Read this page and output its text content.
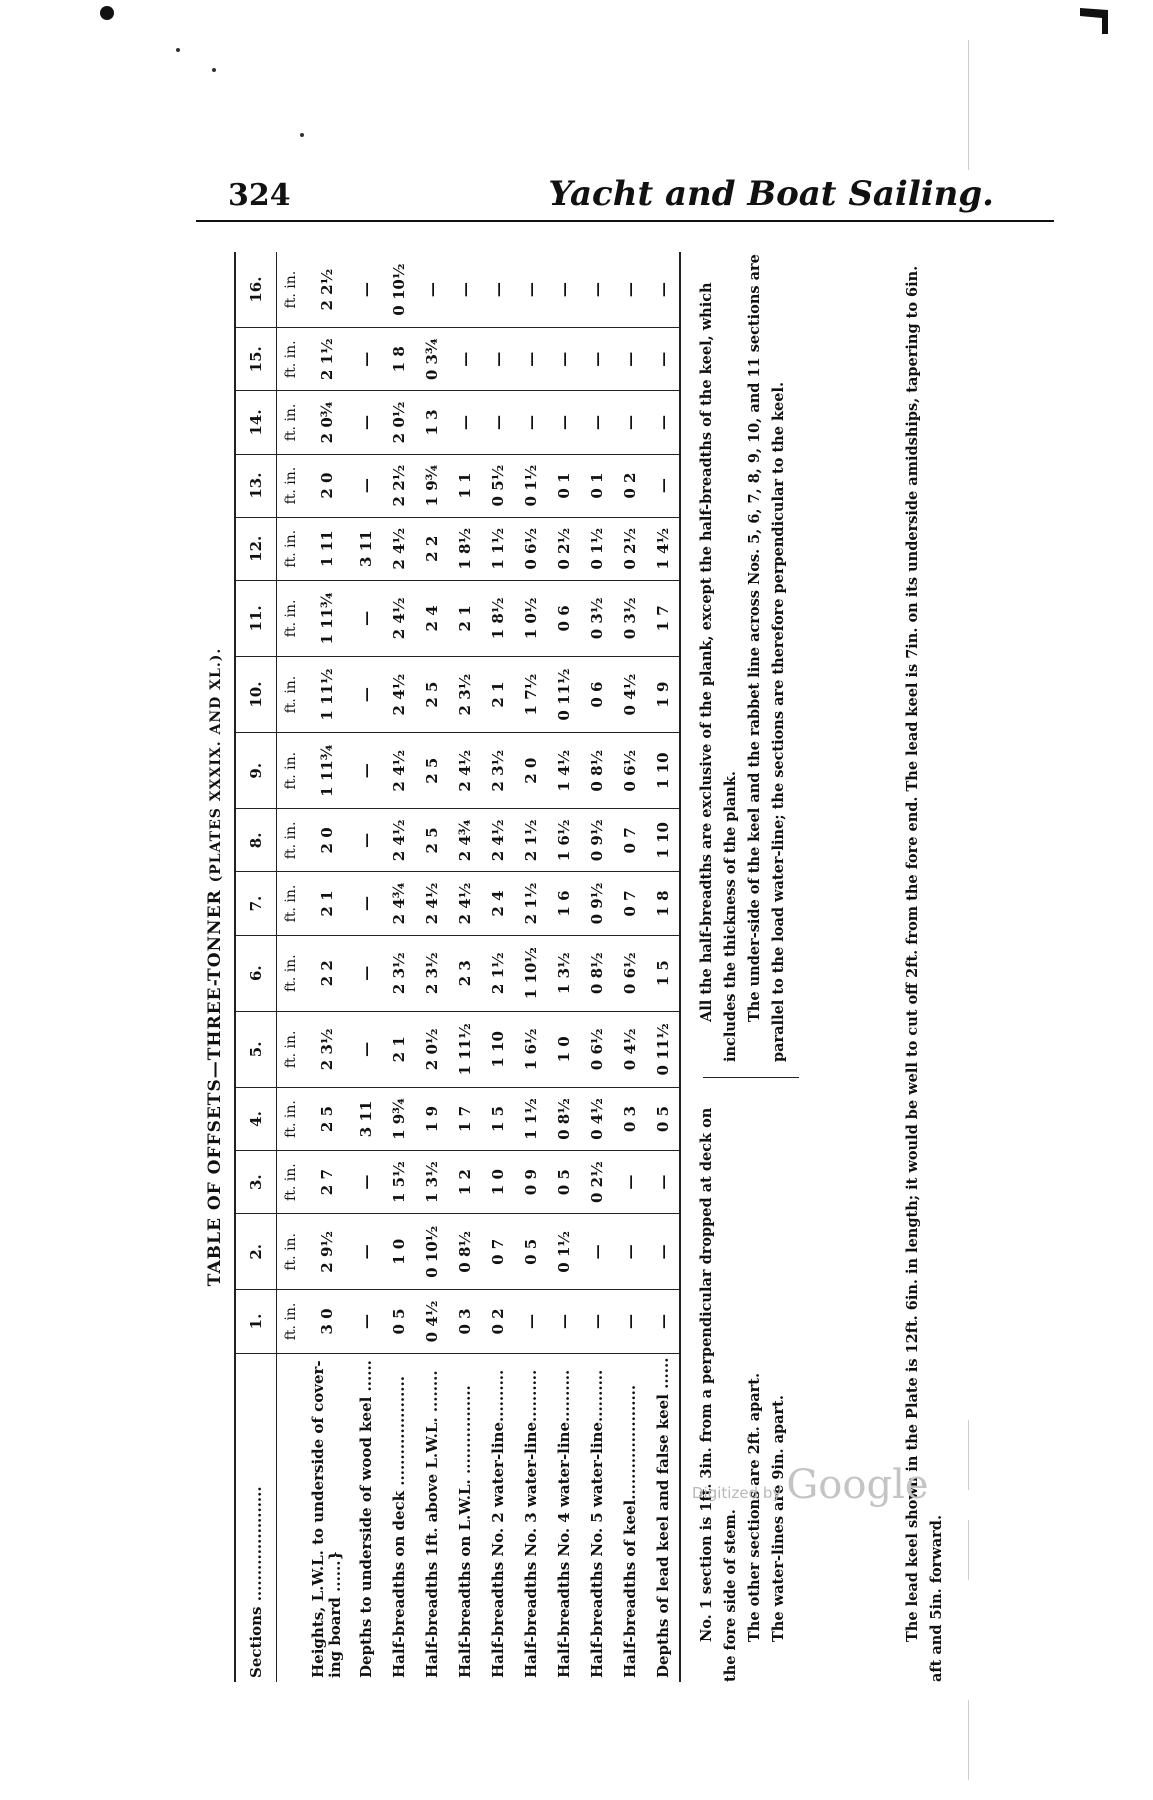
324	Yacht and Boat Sailing.
TABLE OF OFFSETS—THREE-TONNER (PLATES XXXIX. AND XL.).
Sections ......................	1.	2.	3.	4.	5.	6.	7.	8.	9.	10.	11.	12.	13.	14.	15.	16.
	ft. in.	ft. in.	ft. in.	ft. in.	ft. in.	ft. in.	ft. in.	ft. in.	ft. in.	ft. in.	ft. in.	ft. in.	ft. in.	ft. in.	ft. in.	ft. in.
Heights, L.W.L. to underside of cover-ing board ......}	3 0	2 9½	2 7	2 5	2 3½	2 2	2 1	2 0	1 11¾	1 11½	1 11¾	1 11	2 0	2 0¾	2 1½	2 2½
Depths to underside of wood keel ......	—	—	—	3 11	—	—	—	—	—	—	—	3 11	—	—	—	—
Half-breadths on deck .....................	0 5	1 0	1 5½	1 9¾	2 1	2 3½	2 4¾	2 4½	2 4½	2 4½	2 4½	2 4½	2 2½	2 0½	1 8	0 10½
Half-breadths 1ft. above L.W.L. ........	0 4½	0 10½	1 3½	1 9	2 0½	2 3½	2 4½	2 5	2 5	2 5	2 4	2 2	1 9¾	1 3	0 3¾	—
Half-breadths on L.W.L. .................	0 3	0 8½	1 2	1 7	1 11½	2 3	2 4½	2 4¾	2 4½	2 3½	2 1	1 8½	1 1	—	—	—
Half-breadths No. 2 water-line..........	0 2	0 7	1 0	1 5	1 10	2 1½	2 4	2 4½	2 3½	2 1	1 8½	1 1½	0 5½	—	—	—
Half-breadths No. 3 water-line..........	—	0 5	0 9	1 1½	1 6½	1 10½	2 1½	2 1½	2 0	1 7½	1 0½	0 6½	0 1½	—	—	—
Half-breadths No. 4 water-line..........	—	0 1½	0 5	0 8½	1 0	1 3½	1 6	1 6½	1 4½	0 11½	0 6	0 2½	0 1	—	—	—
Half-breadths No. 5 water-line..........	—	—	0 2½	0 4½	0 6½	0 8½	0 9½	0 9½	0 8½	0 6	0 3½	0 1½	0 1	—	—	—
Half-breadths of keel......................	—	—	—	0 3	0 4½	0 6½	0 7	0 7	0 6½	0 4½	0 3½	0 2½	0 2	—	—	—
Depths of lead keel and false keel ......	—	—	—	0 5	0 11½	1 5	1 8	1 10	1 10	1 9	1 7	1 4½	—	—	—	—

No. 1 section is 1ft. 3in. from a perpendicular dropped at deck on the fore side of stem. The other sections are 2ft. apart. The water-lines are 9in. apart.

All the half-breadths are exclusive of the plank, except the half-breadths of the keel, which includes the thickness of the plank. The under-side of the keel and the rabbet line across Nos. 5, 6, 7, 8, 9, 10, and 11 sections are parallel to the load water-line; the sections are therefore perpendicular to the keel.	The lead keel shown in the Plate is 12ft. 6in. in length; it would be well to cut off 2ft. from the fore end. The lead keel is 7in. on its underside amidships, tapering to 6in. aft and 5in. forward.

Digitized by Google
